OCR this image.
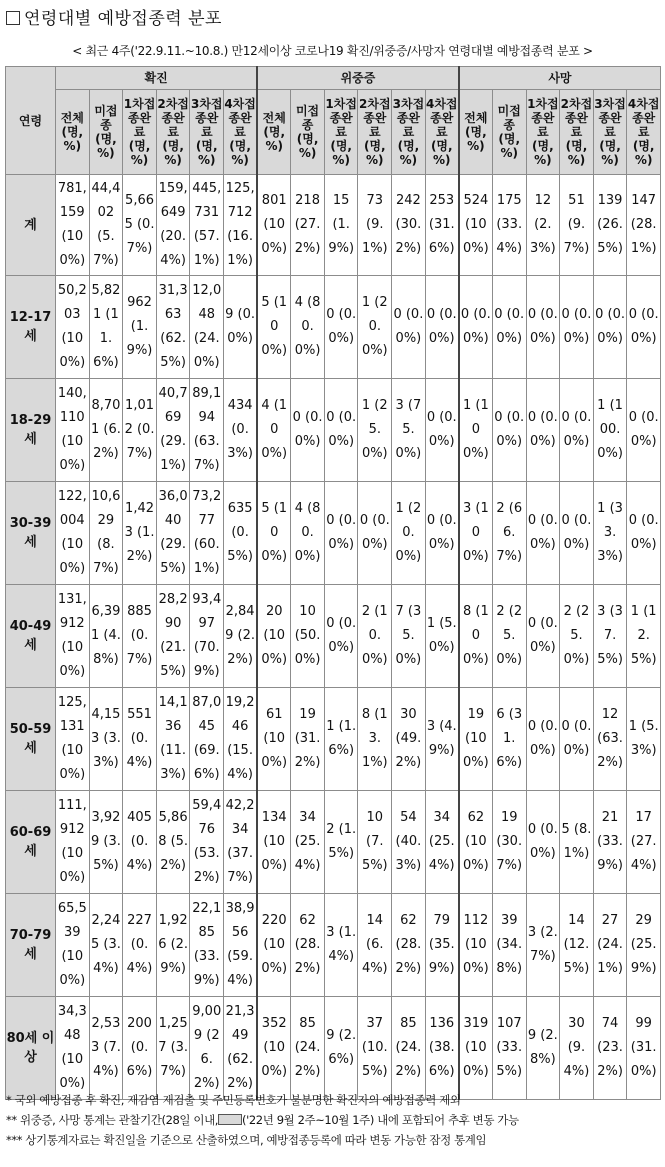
연령대별 예방접종력 분포
< 최근 4주('22.9.11.~10.8.) 만12세이상 코로나19 확진/위중증/사망자 연령대별 예방접종력 분포 >
연령	확진						위중증						사망					
	전체 (명, %)	미접종 (명, %)	1차접종완료 (명, %)	2차접종완료 (명, %)	3차접종완료 (명, %)	4차접종완료 (명, %)	전체 (명, %)	미접종 (명, %)	1차접종완료 (명, %)	2차접종완료 (명, %)	3차접종완료 (명, %)	4차접종완료 (명, %)	전체 (명, %)	미접종 (명, %)	1차접종완료 (명, %)	2차접종완료 (명, %)	3차접종완료 (명, %)	4차접종완료 (명, %)
계	781,159 (100%)	44,402 (5.7%)	5,665 (0.7%)	159,649 (20.4%)	445,731 (57.1%)	125,712 (16.1%)	801 (100%)	218 (27.2%)	15 (1.9%)	73 (9.1%)	242 (30.2%)	253 (31.6%)	524 (100%)	175 (33.4%)	12 (2.3%)	51 (9.7%)	139 (26.5%)	147 (28.1%)
12-17세	50,203 (100%)	5,821 (11.6%)	962 (1.9%)	31,363 (62.5%)	12,048 (24.0%)	9 (0.0%)	5 (100%)	4 (80.0%)	0 (0.0%)	1 (20.0%)	0 (0.0%)	0 (0.0%)	0 (0.0%)	0 (0.0%)	0 (0.0%)	0 (0.0%)	0 (0.0%)	0 (0.0%)
18-29세	140,110 (100%)	8,701 (6.2%)	1,012 (0.7%)	40,769 (29.1%)	89,194 (63.7%)	434 (0.3%)	4 (100%)	0 (0.0%)	0 (0.0%)	1 (25.0%)	3 (75.0%)	0 (0.0%)	1 (100%)	0 (0.0%)	0 (0.0%)	0 (0.0%)	1 (100.0%)	0 (0.0%)
30-39세	122,004 (100%)	10,629 (8.7%)	1,423 (1.2%)	36,040 (29.5%)	73,277 (60.1%)	635 (0.5%)	5 (100%)	4 (80.0%)	0 (0.0%)	0 (0.0%)	1 (20.0%)	0 (0.0%)	3 (100%)	2 (66.7%)	0 (0.0%)	0 (0.0%)	1 (33.3%)	0 (0.0%)
40-49세	131,912 (100%)	6,391 (4.8%)	885 (0.7%)	28,290 (21.5%)	93,497 (70.9%)	2,849 (2.2%)	20 (100%)	10 (50.0%)	0 (0.0%)	2 (10.0%)	7 (35.0%)	1 (5.0%)	8 (100%)	2 (25.0%)	0 (0.0%)	2 (25.0%)	3 (37.5%)	1 (12.5%)
50-59세	125,131 (100%)	4,153 (3.3%)	551 (0.4%)	14,136 (11.3%)	87,045 (69.6%)	19,246 (15.4%)	61 (100%)	19 (31.2%)	1 (1.6%)	8 (13.1%)	30 (49.2%)	3 (4.9%)	19 (100%)	6 (31.6%)	0 (0.0%)	0 (0.0%)	12 (63.2%)	1 (5.3%)
60-69세	111,912 (100%)	3,929 (3.5%)	405 (0.4%)	5,868 (5.2%)	59,476 (53.2%)	42,234 (37.7%)	134 (100%)	34 (25.4%)	2 (1.5%)	10 (7.5%)	54 (40.3%)	34 (25.4%)	62 (100%)	19 (30.7%)	0 (0.0%)	5 (8.1%)	21 (33.9%)	17 (27.4%)
70-79세	65,539 (100%)	2,245 (3.4%)	227 (0.4%)	1,926 (2.9%)	22,185 (33.9%)	38,956 (59.4%)	220 (100%)	62 (28.2%)	3 (1.4%)	14 (6.4%)	62 (28.2%)	79 (35.9%)	112 (100%)	39 (34.8%)	3 (2.7%)	14 (12.5%)	27 (24.1%)	29 (25.9%)
80세 이상	34,348 (100%)	2,533 (7.4%)	200 (0.6%)	1,257 (3.7%)	9,009 (26.2%)	21,349 (62.2%)	352 (100%)	85 (24.2%)	9 (2.6%)	37 (10.5%)	85 (24.2%)	136 (38.6%)	319 (100%)	107 (33.5%)	9 (2.8%)	30 (9.4%)	74 (23.2%)	99 (31.0%)
* 국외 예방접종 후 확진, 재감염 재검출 및 주민등록번호가 불분명한 확진자의 예방접종력 제외
** 위중증, 사망 통계는 관찰기간(28일 이내, ('22년 9월 2주~10월 1주) 내에 포함되어 추후 변동 가능
*** 상기통계자료는 확진일을 기준으로 산출하였으며, 예방접종등록에 따라 변동 가능한 잠정 통계임
